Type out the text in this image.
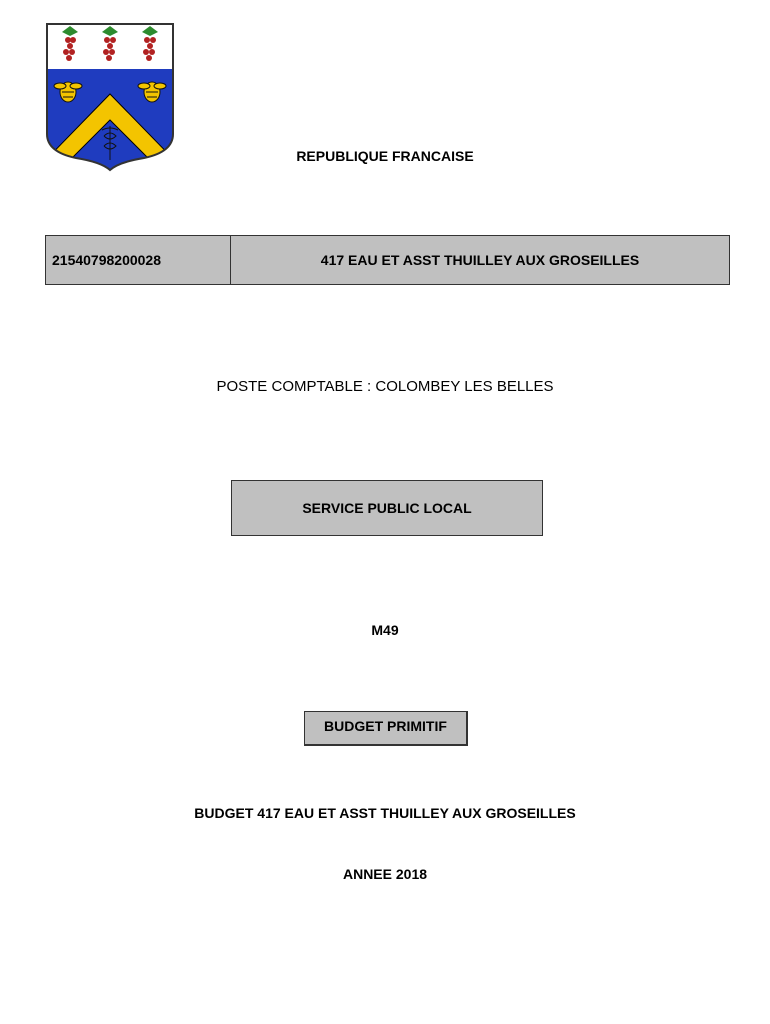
REPUBLIQUE FRANCAISE
21540798200028	417 EAU ET ASST THUILLEY AUX GROSEILLES
POSTE COMPTABLE : COLOMBEY LES BELLES
SERVICE PUBLIC LOCAL
M49
BUDGET PRIMITIF
BUDGET 417 EAU ET ASST THUILLEY AUX GROSEILLES
ANNEE 2018
